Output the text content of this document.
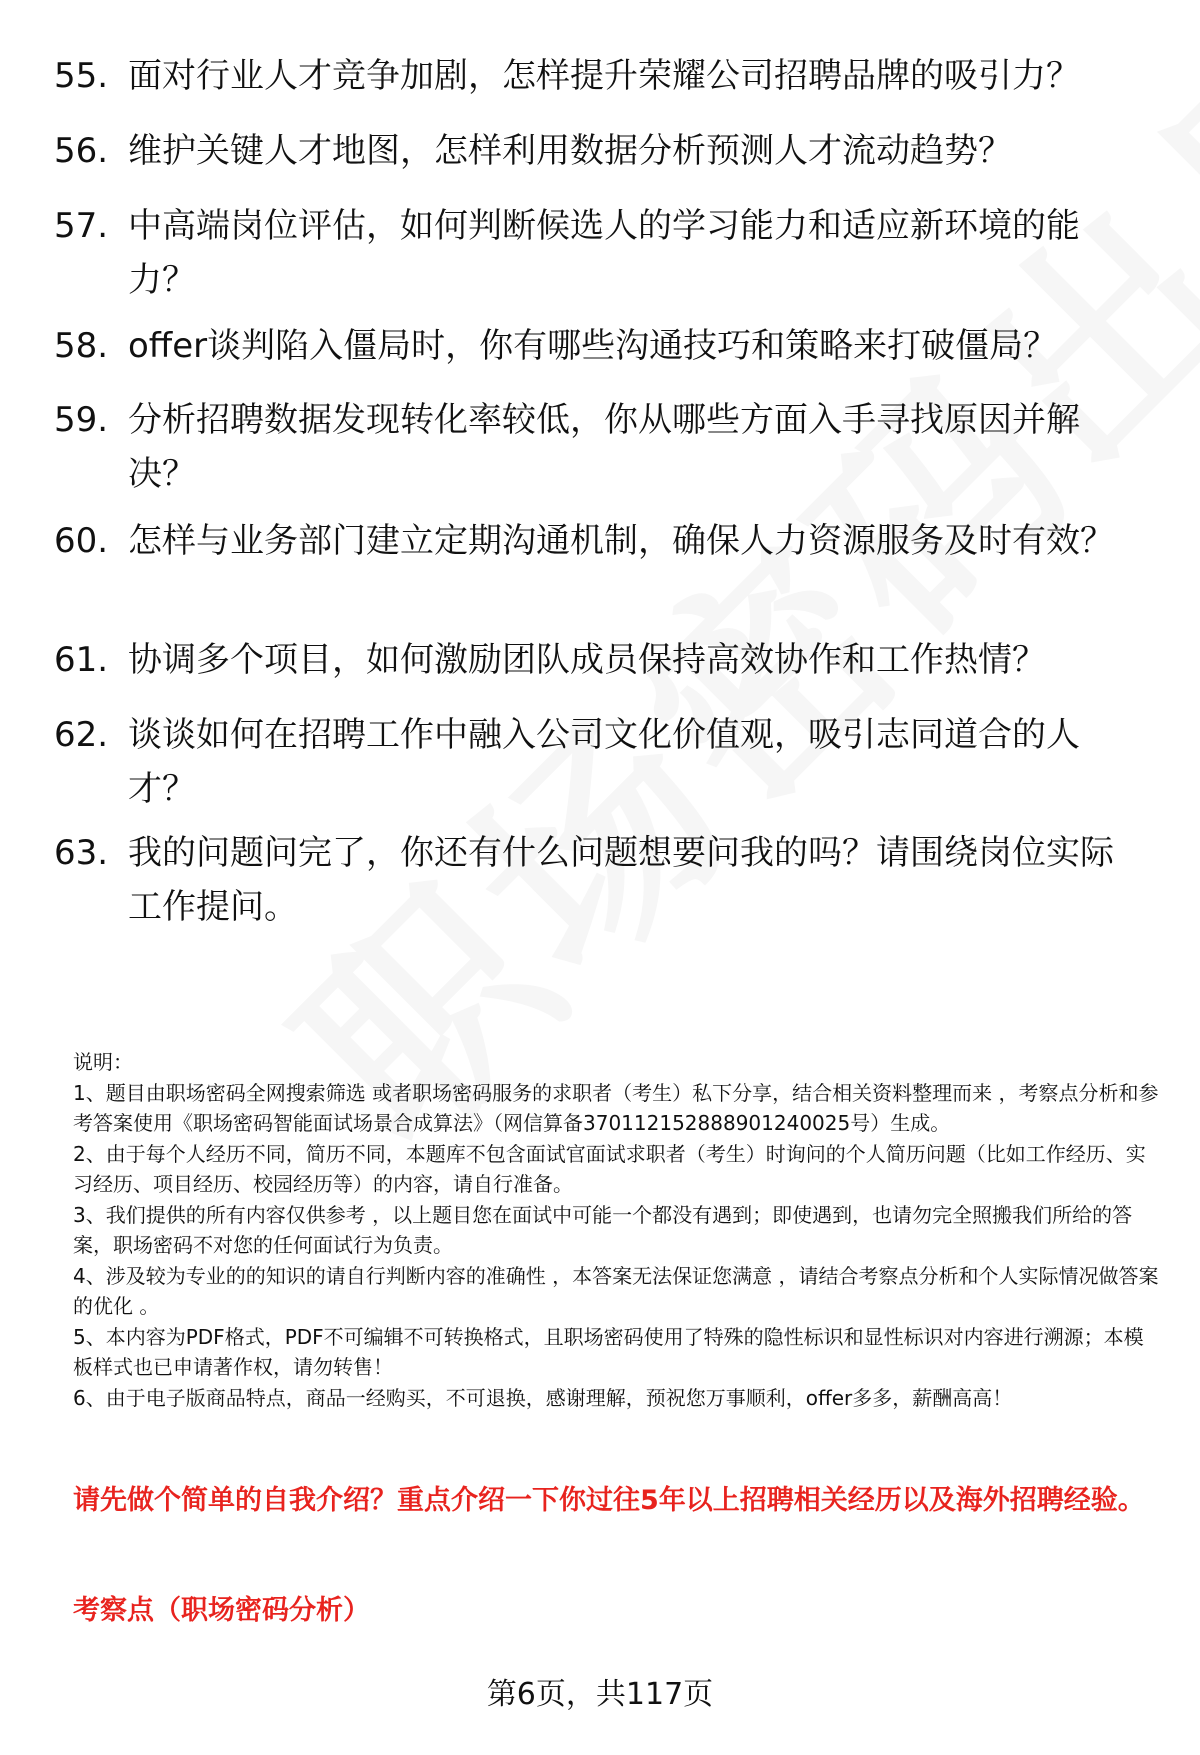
55. 面对行业人才竞争加剧，怎样提升荣耀公司招聘品牌的吸引力？
56. 维护关键人才地图，怎样利用数据分析预测人才流动趋势？
57. 中高端岗位评估，如何判断候选人的学习能力和适应新环境的能力？
58. offer谈判陷入僵局时，你有哪些沟通技巧和策略来打破僵局？
59. 分析招聘数据发现转化率较低，你从哪些方面入手寻找原因并解决？
60. 怎样与业务部门建立定期沟通机制，确保人力资源服务及时有效？
61. 协调多个项目，如何激励团队成员保持高效协作和工作热情？
62. 谈谈如何在招聘工作中融入公司文化价值观，吸引志同道合的人才？
63. 我的问题问完了，你还有什么问题想要问我的吗？请围绕岗位实际工作提问。
说明：
1、题目由职场密码全网搜索筛选 或者职场密码服务的求职者（考生）私下分享，结合相关资料整理而来 ，考察点分析和参考答案使用《职场密码智能面试场景合成算法》（网信算备370112152888901240025号）生成。
2、由于每个人经历不同，简历不同，本题库不包含面试官面试求职者（考生）时询问的个人简历问题（比如工作经历、实习经历、项目经历、校园经历等）的内容，请自行准备。
3、我们提供的所有内容仅供参考 ，以上题目您在面试中可能一个都没有遇到；即使遇到，也请勿完全照搬我们所给的答案，职场密码不对您的任何面试行为负责。
4、涉及较为专业的的知识的请自行判断内容的准确性 ，本答案无法保证您满意 ，请结合考察点分析和个人实际情况做答案的优化 。
5、本内容为PDF格式，PDF不可编辑不可转换格式，且职场密码使用了特殊的隐性标识和显性标识对内容进行溯源；本模板样式也已申请著作权，请勿转售！
6、由于电子版商品特点，商品一经购买，不可退换，感谢理解，预祝您万事顺利，offer多多，薪酬高高！
请先做个简单的自我介绍？重点介绍一下你过往5年以上招聘相关经历以及海外招聘经验。
考察点（职场密码分析）
第6页，共117页
